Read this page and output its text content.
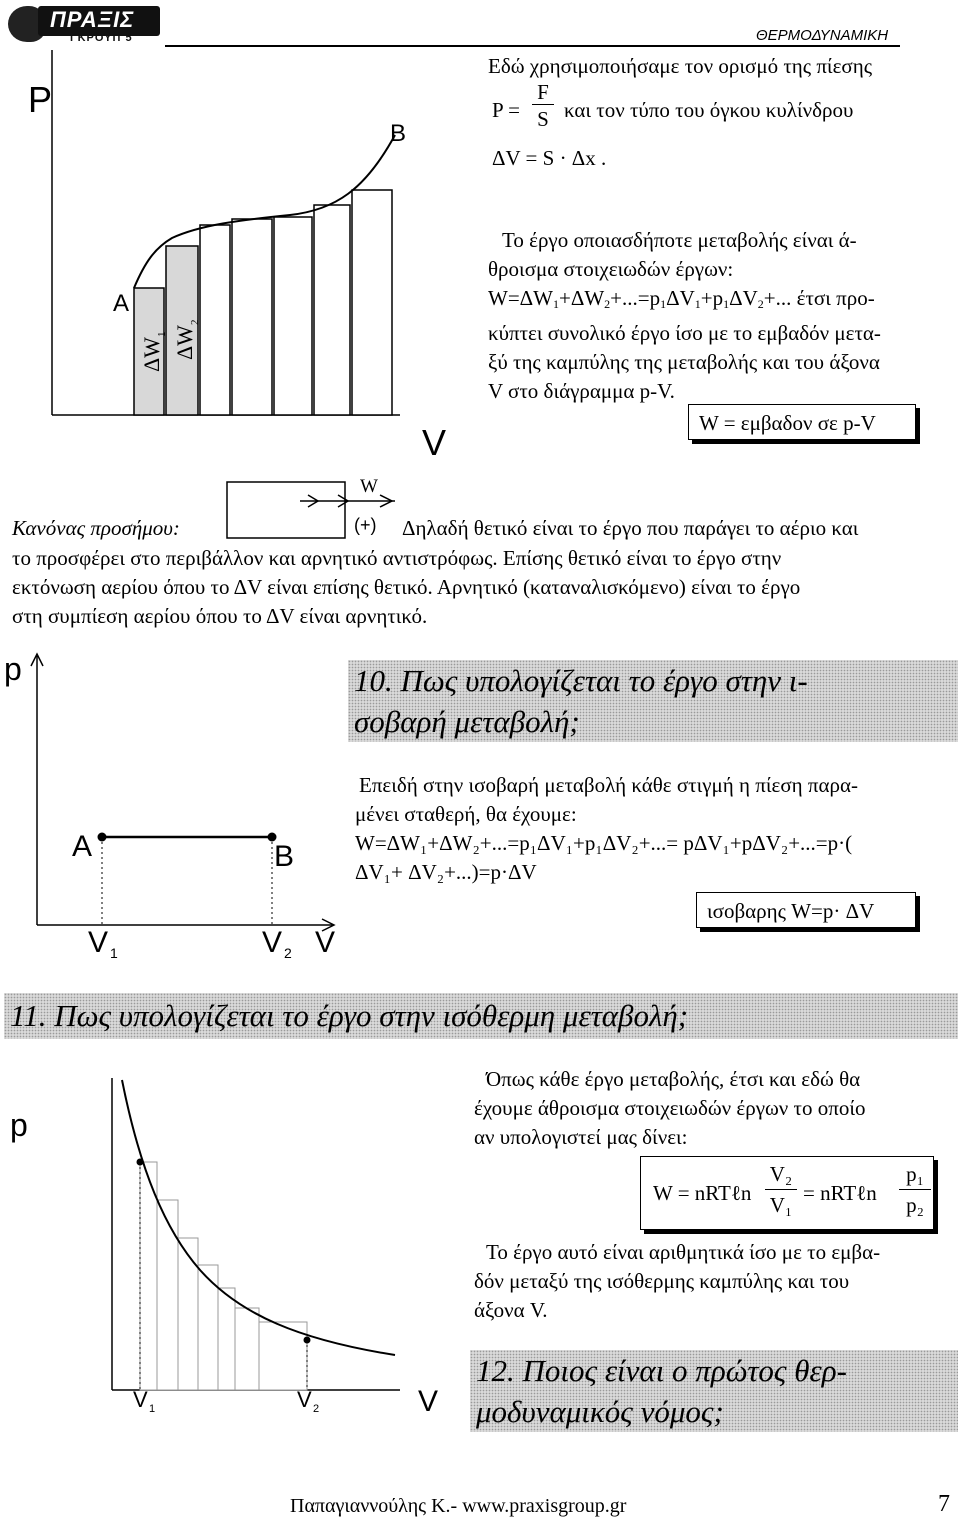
ΠΡΑΞΙΣ
ΓΚΡΟΥΠ 5	ΘΕΡΜΟΔΥΝΑΜΙΚΗ
P
V
A
B
ΔW
1 ΔW
2
Εδώ χρησιμοποιήσαμε τον ορισμό της πίεσης
P =
F
S και τον τύπο του όγκου κυλίνδρου
ΔV = S · Δx .
Το έργο οποιασδήποτε μεταβολής είναι ά-
θροισμα στοιχειωδών έργων:
$W=\Delta W_1+\Delta W_2+...=p_1\Delta V_1+p_1\Delta V_2+$... έτσι προ-
κύπτει συνολικό έργο ίσο με το εμβαδόν μετα-
ξύ της καμπύλης της μεταβολής και του άξονα
V στο διάγραμμα p-V.
W = εμβαδον σε p-V
W
(+)
Κανόνας προσήμου:	Δηλαδή θετικό είναι το έργο που παράγει το αέριο και
το προσφέρει στο περιβάλλον και αρνητικό αντιστρόφως. Επίσης θετικό είναι το έργο στην
εκτόνωση αερίου όπου το ΔV είναι επίσης θετικό. Αρνητικό (καταναλισκόμενο) είναι το έργο
στη συμπίεση αερίου όπου το ΔV είναι αρνητικό.
p
V
A	B
V 1	V 2
10. Πως υπολογίζεται το έργο στην ι-
σοβαρή μεταβολή;
Επειδή στην ισοβαρή μεταβολή κάθε στιγμή η πίεση παρα-
μένει σταθερή, θα έχουμε:
W=ΔW₁+ΔW₂+...=p₁ΔV₁+p₁ΔV₂+...= pΔV₁+pΔV₂+...=p·(
ΔV₁+ ΔV₂+...)=p·ΔV
ισοβαρης W=p· ΔV
11. Πως υπολογίζεται το έργο στην ισόθερμη μεταβολή;
p
V
V 1	V 2
Όπως κάθε έργο μεταβολής, έτσι και εδώ θα
έχουμε άθροισμα στοιχειωδών έργων το οποίο
αν υπολογιστεί μας δίνει:
W = nRTℓn
V₂
V₁ = nRTℓn
p₁
p₂
Το έργο αυτό είναι αριθμητικά ίσο με το εμβα-
δόν μεταξύ της ισόθερμης καμπύλης και του
άξονα V.
12. Ποιος είναι ο πρώτος θερ-
μοδυναμικός νόμος;
Παπαγιαννούλης Κ.- www.praxisgroup.gr	7
